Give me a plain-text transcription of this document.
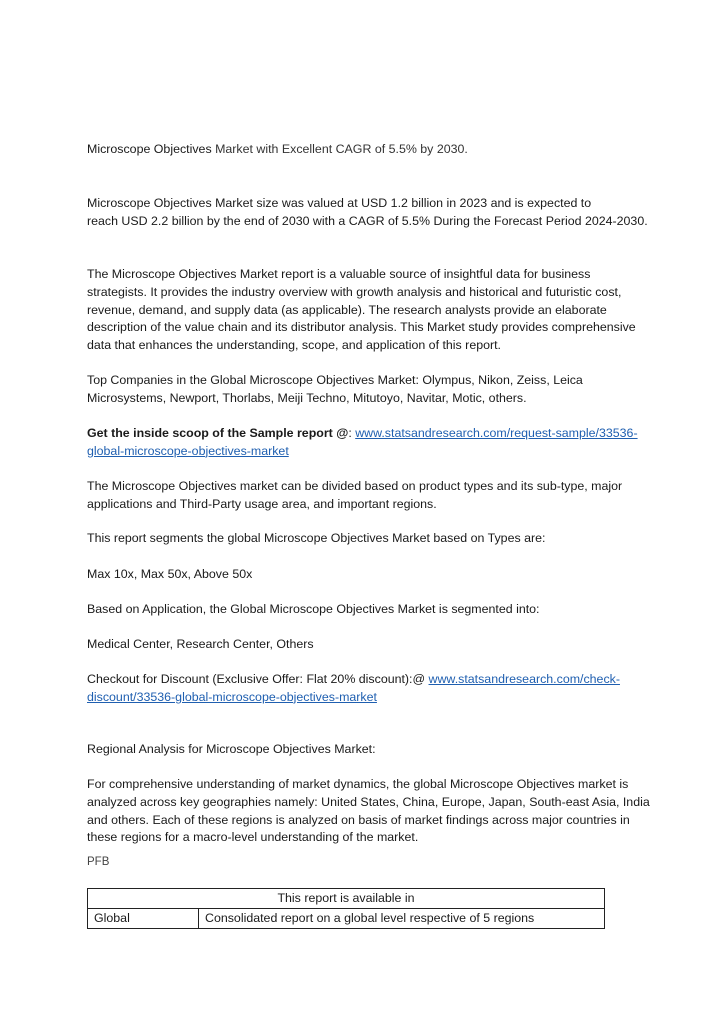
Microscope Objectives Market with Excellent CAGR of 5.5% by 2030.

Microscope Objectives Market size was valued at USD 1.2 billion in 2023 and is expected to
reach USD 2.2 billion by the end of 2030 with a CAGR of 5.5% During the Forecast Period 2024-2030.

The Microscope Objectives Market report is a valuable source of insightful data for business
strategists. It provides the industry overview with growth analysis and historical and futuristic cost,
revenue, demand, and supply data (as applicable). The research analysts provide an elaborate
description of the value chain and its distributor analysis. This Market study provides comprehensive
data that enhances the understanding, scope, and application of this report.

Top Companies in the Global Microscope Objectives Market: Olympus, Nikon, Zeiss, Leica
Microsystems, Newport, Thorlabs, Meiji Techno, Mitutoyo, Navitar, Motic, others.

Get the inside scoop of the Sample report @: www.statsandresearch.com/request-sample/33536-
global-microscope-objectives-market

The Microscope Objectives market can be divided based on product types and its sub-type, major
applications and Third-Party usage area, and important regions.

This report segments the global Microscope Objectives Market based on Types are:

Max 10x, Max 50x, Above 50x

Based on Application, the Global Microscope Objectives Market is segmented into:

Medical Center, Research Center, Others

Checkout for Discount (Exclusive Offer: Flat 20% discount):@ www.statsandresearch.com/check-
discount/33536-global-microscope-objectives-market

Regional Analysis for Microscope Objectives Market:

For comprehensive understanding of market dynamics, the global Microscope Objectives market is
analyzed across key geographies namely: United States, China, Europe, Japan, South-east Asia, India
and others. Each of these regions is analyzed on basis of market findings across major countries in
these regions for a macro-level understanding of the market.

PFB
This report is available in
Global	Consolidated report on a global level respective of 5 regions
